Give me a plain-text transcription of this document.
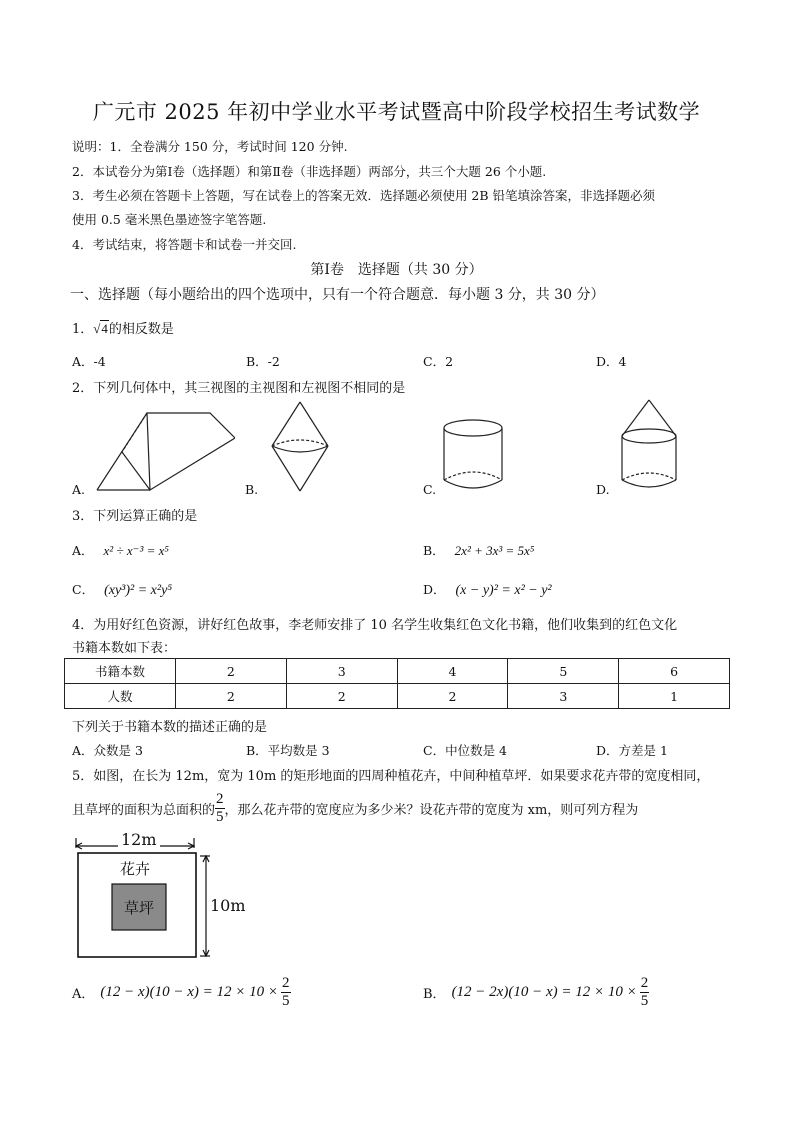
广元市 2025 年初中学业水平考试暨高中阶段学校招生考试数学
说明：1．全卷满分 150 分，考试时间 120 分钟.
2．本试卷分为第Ⅰ卷（选择题）和第Ⅱ卷（非选择题）两部分，共三个大题 26 个小题.
3．考生必须在答题卡上答题，写在试卷上的答案无效．选择题必须使用 2B 铅笔填涂答案，非选择题必须
使用 0.5 毫米黑色墨迹签字笔答题.
4．考试结束，将答题卡和试卷一并交回.
第Ⅰ卷　选择题（共 30 分）
一、选择题（每小题给出的四个选项中，只有一个符合题意．每小题 3 分，共 30 分）
1．√4的相反数是
A．-4	B．-2	C．2	D．4
2．下列几何体中，其三视图的主视图和左视图不相同的是
A.	B.	C.	D.
3．下列运算正确的是
A． x² ÷ x⁻³ = x⁵	B． 2x² + 3x³ = 5x⁵
C． (xy³)² = x²y⁵	D． (x − y)² = x² − y²
4．为用好红色资源，讲好红色故事，李老师安排了 10 名学生收集红色文化书籍，他们收集到的红色文化
书籍本数如下表：
书籍本数	2	3	4	5	6
人数	2	2	2	3	1
下列关于书籍本数的描述正确的是
A．众数是 3	B．平均数是 3	C．中位数是 4	D．方差是 1
5．如图，在长为 12m，宽为 10m 的矩形地面的四周种植花卉，中间种植草坪．如果要求花卉带的宽度相同，
且草坪的面积为总面积的 $\frac{2}{5}$ ，那么花卉带的宽度应为多少米？设花卉带的宽度为 xm，则可列方程为
12m
10m
花卉
草坪
A． $(12 - x)(10 - x) = 12 \times 10 \times \frac{2}{5}$	B． $(12 - 2x)(10 - x) = 12 \times 10 \times \frac{2}{5}$
